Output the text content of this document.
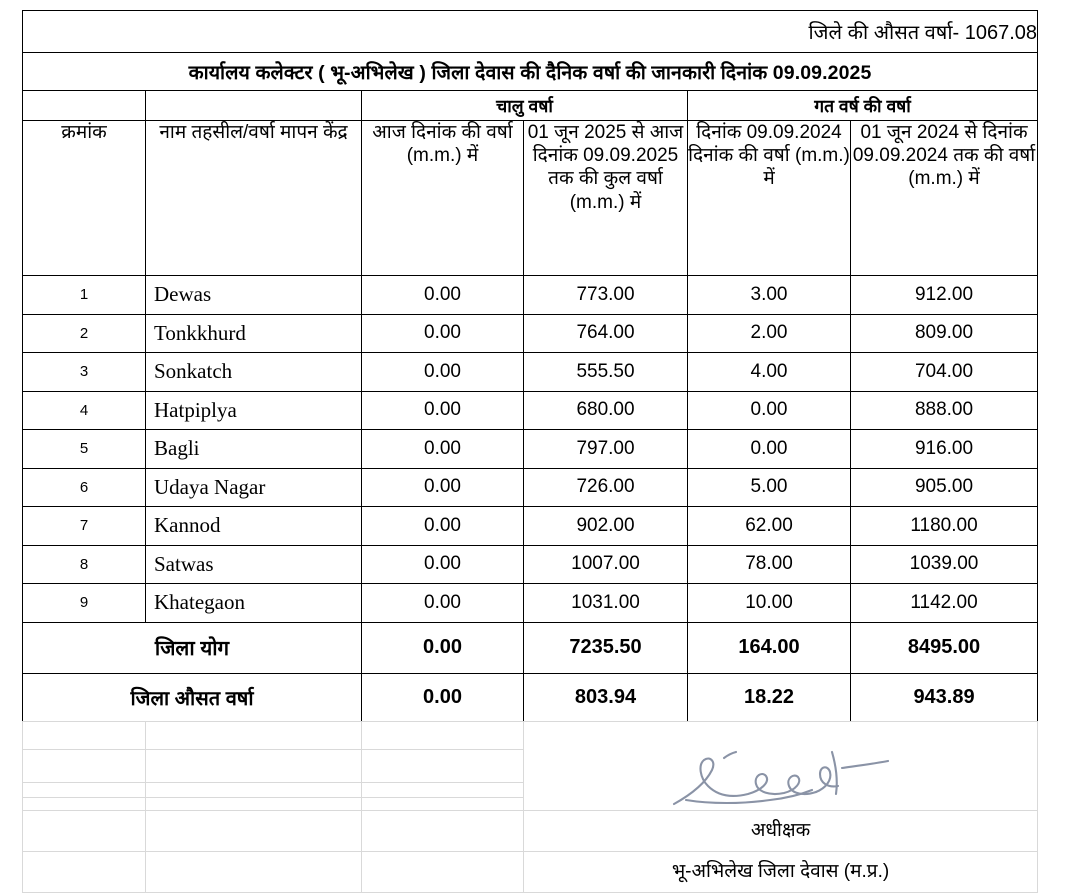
जिले की औसत वर्षा- 1067.08					
कार्यालय कलेक्टर ( भू-अभिलेख ) जिला देवास की दैनिक वर्षा की जानकारी दिनांक 09.09.2025					
		चालु वर्षा		गत वर्ष की वर्षा	
क्रमांक	नाम तहसील/वर्षा मापन केंद्र	आज दिनांक की वर्षा (m.m.) में	01 जून 2025 से आज दिनांक 09.09.2025 तक की कुल वर्षा (m.m.) में	दिनांक 09.09.2024 दिनांक की वर्षा (m.m.) में	01 जून 2024 से दिनांक 09.09.2024 तक की वर्षा (m.m.) में
1	Dewas	0.00	773.00	3.00	912.00
2	Tonkkhurd	0.00	764.00	2.00	809.00
3	Sonkatch	0.00	555.50	4.00	704.00
4	Hatpiplya	0.00	680.00	0.00	888.00
5	Bagli	0.00	797.00	0.00	916.00
6	Udaya Nagar	0.00	726.00	5.00	905.00
7	Kannod	0.00	902.00	62.00	1180.00
8	Satwas	0.00	1007.00	78.00	1039.00
9	Khategaon	0.00	1031.00	10.00	1142.00
जिला योग		0.00	7235.50	164.00	8495.00
जिला औसत वर्षा		0.00	803.94	18.22	943.89

			अधीक्षक
			भू-अभिलेख जिला देवास (म.प्र.)
